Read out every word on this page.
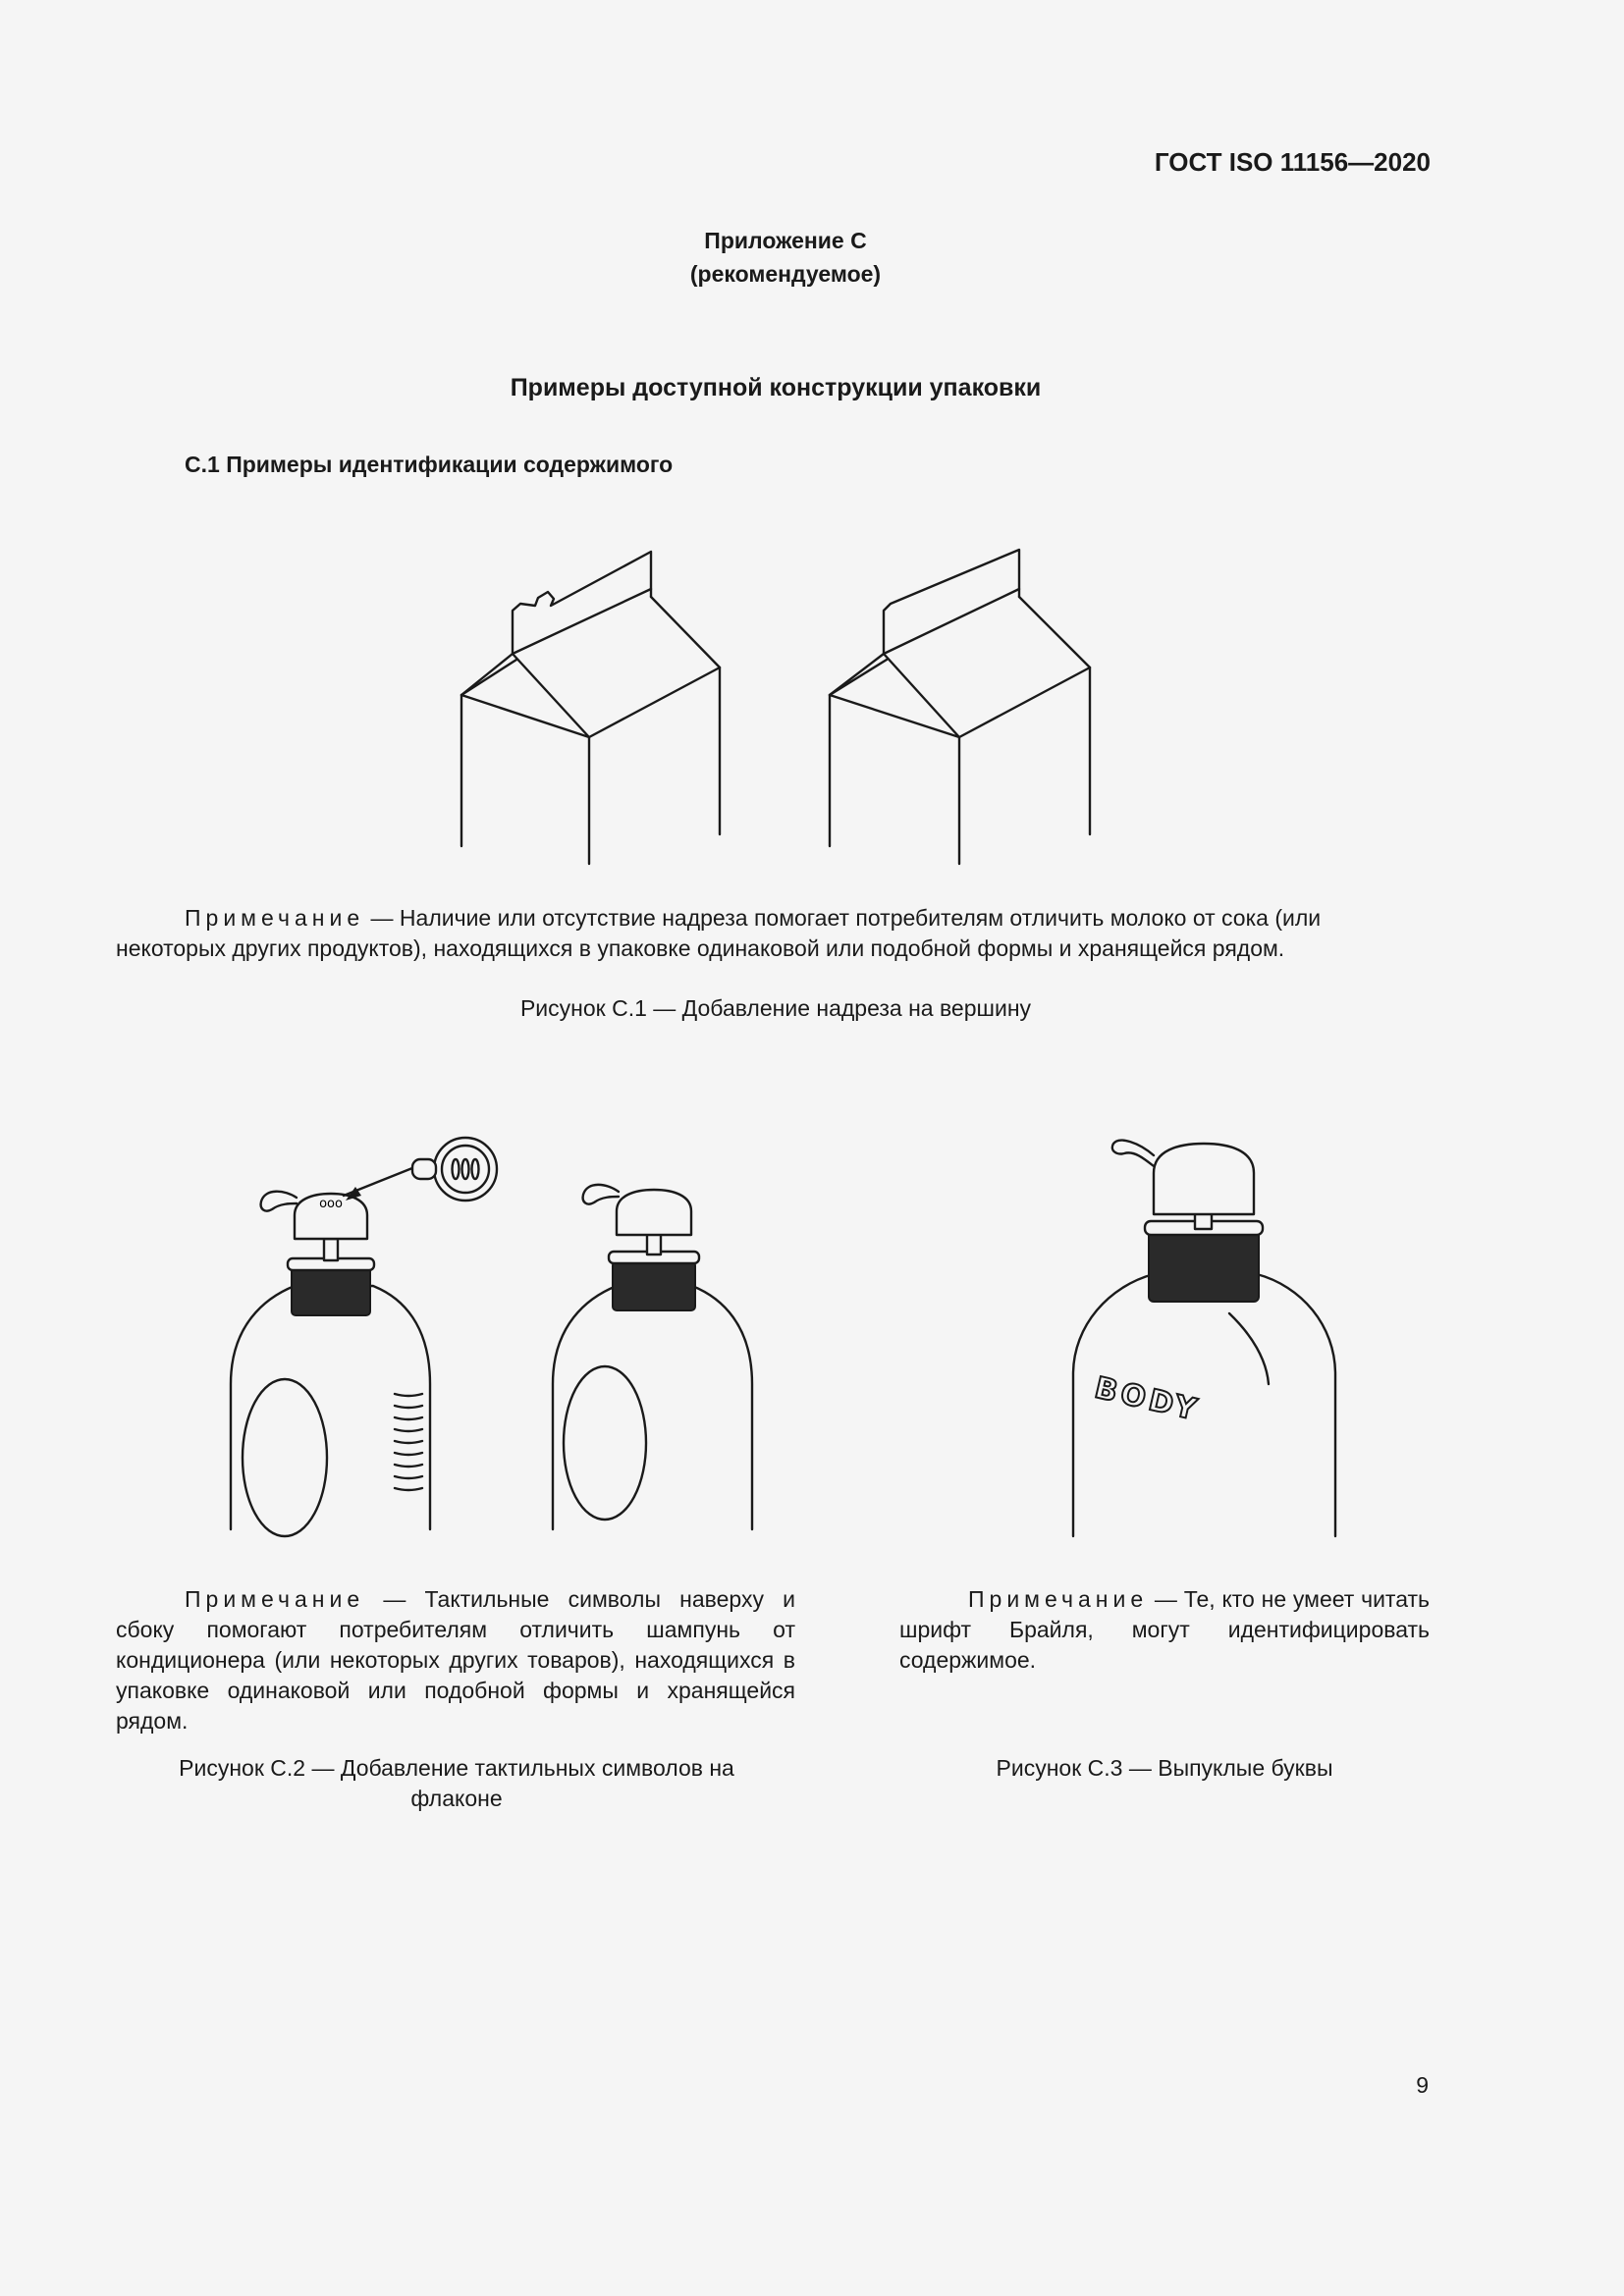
ГОСТ ISO 11156—2020
Приложение С
(рекомендуемое)
Примеры доступной конструкции упаковки
С.1 Примеры идентификации содержимого
ooo
BODY
Примечание — Наличие или отсутствие надреза помогает потребителям отличить молоко от сока (или некоторых других продуктов), находящихся в упаковке одинаковой или подобной формы и хранящейся рядом.
Рисунок С.1 — Добавление надреза на вершину
Примечание — Тактильные символы наверху и сбоку помогают потребителям отличить шампунь от кондиционера (или некоторых других товаров), находящихся в упаковке одинаковой или подобной формы и хранящейся рядом.
Рисунок С.2 — Добавление тактильных символов на флаконе
Примечание — Те, кто не умеет читать шрифт Брайля, могут идентифицировать содержимое.
Рисунок С.3 — Выпуклые буквы
9
